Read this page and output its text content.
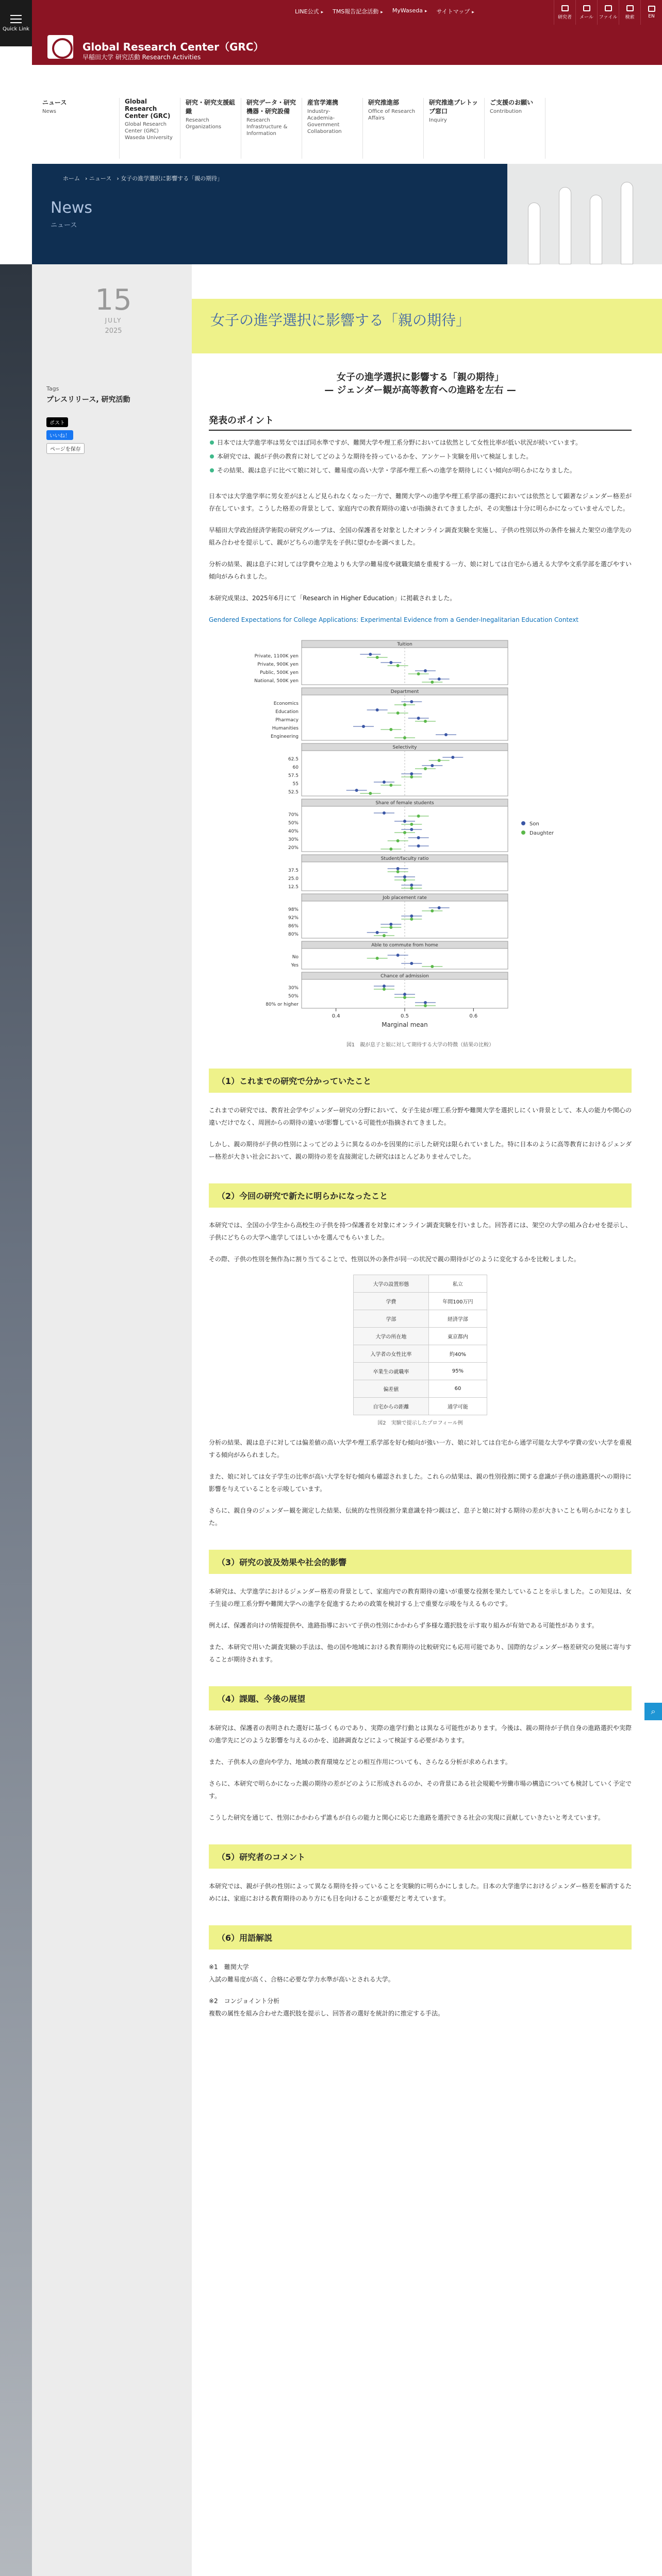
Quick Link
Global Research Center（GRC）
早稲田大学 研究活動 Research Activities
LINE公式 ▸	TMS報告記念活動 ▸	MyWaseda ▸	サイトマップ ▸
研究者 メール ファイル 検索	EN
ニュース
News
Global Research Center (GRC)
Global Research Center (GRC) Waseda University
研究・研究支援組織
Research Organizations
研究データ・研究機器・研究設備
Research Infrastructure & Information
産官学連携
Industry-Academia-Government Collaboration
研究推進部
Office of Research Affairs
研究推進プレトップ窓口
Inquiry
ご支援のお願い
Contribution
ホーム › ニュース › 女子の進学選択に影響する「親の期待」
News
ニュース
15
JULY
2025
Tags
プレスリリース, 研究活動
ポスト
いいね！
ページを保存
女子の進学選択に影響する「親の期待」
女子の進学選択に影響する「親の期待」
— ジェンダー観が高等教育への進路を左右 —
発表のポイント
日本では大学進学率は男女でほぼ同水準ですが、難関大学や理工系分野においては依然として女性比率が低い状況が続いています。
本研究では、親が子供の教育に対してどのような期待を持っているかを、アンケート実験を用いて検証しました。
その結果、親は息子に比べて娘に対して、難易度の高い大学・学部や理工系への進学を期待しにくい傾向が明らかになりました。

日本では大学進学率に男女差がほとんど見られなくなった一方で、難関大学への進学や理工系学部の選択においては依然として顕著なジェンダー格差が存在しています。こうした格差の背景として、家庭内での教育期待の違いが指摘されてきましたが、その実態は十分に明らかになっていませんでした。

早稲田大学政治経済学術院の研究グループは、全国の保護者を対象としたオンライン調査実験を実施し、子供の性別以外の条件を揃えた架空の進学先の組み合わせを提示して、親がどちらの進学先を子供に望むかを調べました。

分析の結果、親は息子に対しては学費や立地よりも大学の難易度や就職実績を重視する一方、娘に対しては自宅から通える大学や文系学部を選びやすい傾向がみられました。

本研究成果は、2025年6月にて「Research in Higher Education」に掲載されました。

Gendered Expectations for College Applications: Experimental Evidence from a Gender-Inegalitarian Education Context

Tuition
Private, 1100K yen
Private, 900K yen
Public, 500K yen
National, 500K yen
Department
Economics
Education
Pharmacy
Humanities
Engineering
Selectivity
62.5
60
57.5
55
52.5
Share of female students
70%
50%
40%
30%
20%
Student/faculty ratio
37.5
25.0
12.5
Job placement rate
98%
92%
86%
80%
Able to commute from home
No
Yes
Chance of admission
30%
50%
80% or higher
0.4	0.5	0.6
Marginal mean
Son
Daughter
図1　親が息子と娘に対して期待する大学の特徴（結果の比較）
（1）これまでの研究で分かっていたこと

これまでの研究では、教育社会学やジェンダー研究の分野において、女子生徒が理工系分野や難関大学を選択しにくい背景として、本人の能力や関心の違いだけでなく、周囲からの期待の違いが影響している可能性が指摘されてきました。

しかし、親の期待が子供の性別によってどのように異なるのかを因果的に示した研究は限られていました。特に日本のように高等教育におけるジェンダー格差が大きい社会において、親の期待の差を直接測定した研究はほとんどありませんでした。

（2）今回の研究で新たに明らかになったこと

本研究では、全国の小学生から高校生の子供を持つ保護者を対象にオンライン調査実験を行いました。回答者には、架空の大学の組み合わせを提示し、子供にどちらの大学へ進学してほしいかを選んでもらいました。

その際、子供の性別を無作為に割り当てることで、性別以外の条件が同一の状況で親の期待がどのように変化するかを比較しました。

大学の設置形態	私立
学費	年間100万円
学部	経済学部
大学の所在地	東京都内
入学者の女性比率	約40%
卒業生の就職率	95%
偏差値	60
自宅からの距離	通学可能
図2　実験で提示したプロフィール例

分析の結果、親は息子に対しては偏差値の高い大学や理工系学部を好む傾向が強い一方、娘に対しては自宅から通学可能な大学や学費の安い大学を重視する傾向がみられました。

また、娘に対しては女子学生の比率が高い大学を好む傾向も確認されました。これらの結果は、親の性別役割に関する意識が子供の進路選択への期待に影響を与えていることを示唆しています。

さらに、親自身のジェンダー観を測定した結果、伝統的な性別役割分業意識を持つ親ほど、息子と娘に対する期待の差が大きいことも明らかになりました。

（3）研究の波及効果や社会的影響

本研究は、大学進学におけるジェンダー格差の背景として、家庭内での教育期待の違いが重要な役割を果たしていることを示しました。この知見は、女子生徒の理工系分野や難関大学への進学を促進するための政策を検討する上で重要な示唆を与えるものです。

例えば、保護者向けの情報提供や、進路指導において子供の性別にかかわらず多様な選択肢を示す取り組みが有効である可能性があります。

また、本研究で用いた調査実験の手法は、他の国や地域における教育期待の比較研究にも応用可能であり、国際的なジェンダー格差研究の発展に寄与することが期待されます。

（4）課題、今後の展望

本研究は、保護者の表明された選好に基づくものであり、実際の進学行動とは異なる可能性があります。今後は、親の期待が子供自身の進路選択や実際の進学先にどのような影響を与えるのかを、追跡調査などによって検証する必要があります。

また、子供本人の意向や学力、地域の教育環境などとの相互作用についても、さらなる分析が求められます。

さらに、本研究で明らかになった親の期待の差がどのように形成されるのか、その背景にある社会規範や労働市場の構造についても検討していく予定です。

こうした研究を通じて、性別にかかわらず誰もが自らの能力と関心に応じた進路を選択できる社会の実現に貢献していきたいと考えています。

（5）研究者のコメント

本研究では、親が子供の性別によって異なる期待を持っていることを実験的に明らかにしました。日本の大学進学におけるジェンダー格差を解消するためには、家庭における教育期待のあり方にも目を向けることが重要だと考えています。

（6）用語解説

※1　難関大学
入試の難易度が高く、合格に必要な学力水準が高いとされる大学。

※2　コンジョイント分析
複数の属性を組み合わせた選択肢を提示し、回答者の選好を統計的に推定する手法。

⌕
